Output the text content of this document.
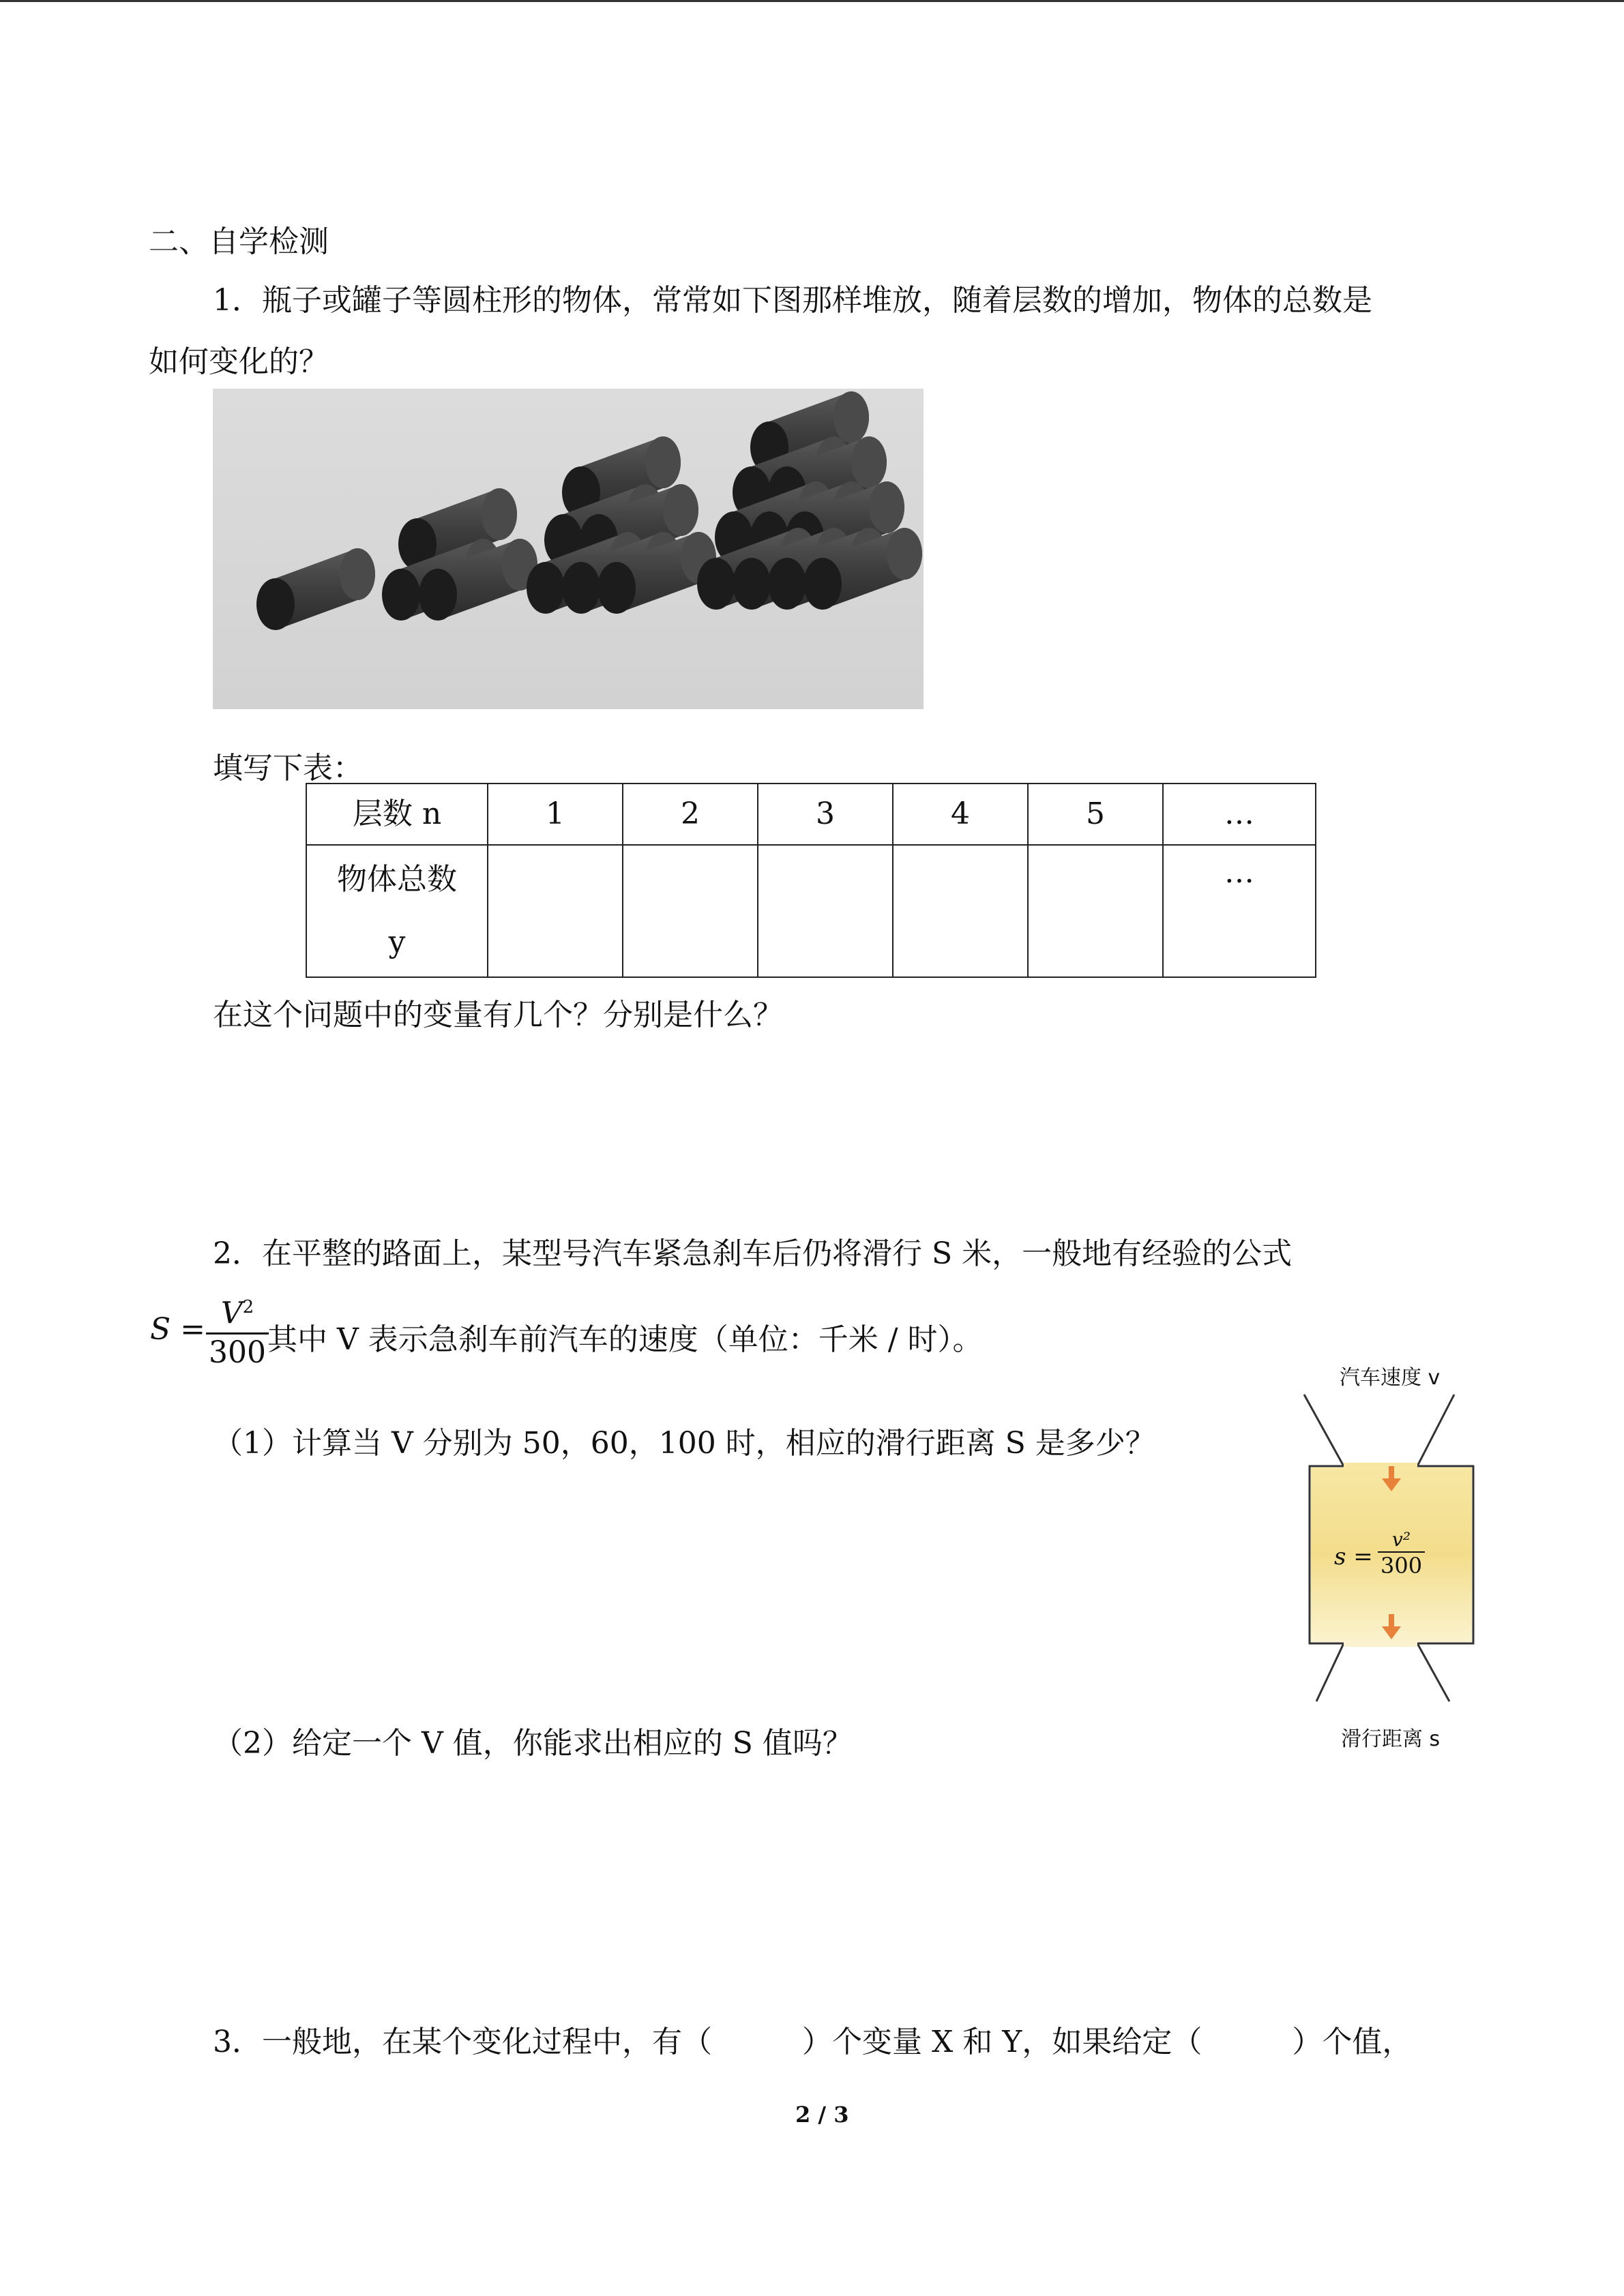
二、自学检测
1．瓶子或罐子等圆柱形的物体，常常如下图那样堆放，随着层数的增加，物体的总数是
如何变化的？
填写下表：
层数 n	1	2	3	4	5	…

物体总数
y						…
在这个问题中的变量有几个？分别是什么？
2．在平整的路面上，某型号汽车紧急刹车后仍将滑行 S 米，一般地有经验的公式
$S = \frac{V^2}{300}$
其中 V 表示急刹车前汽车的速度（单位：千米 / 时）。
（1）计算当 V 分别为 50，60，100 时，相应的滑行距离 S 是多少？
汽车速度 v
$s = \frac{\text{v²}}{300}$
滑行距离 s
（2）给定一个 V 值，你能求出相应的 S 值吗？
3．一般地，在某个变化过程中，有（　　　）个变量 X 和 Y，如果给定（　　　）个值，
2 / 3
